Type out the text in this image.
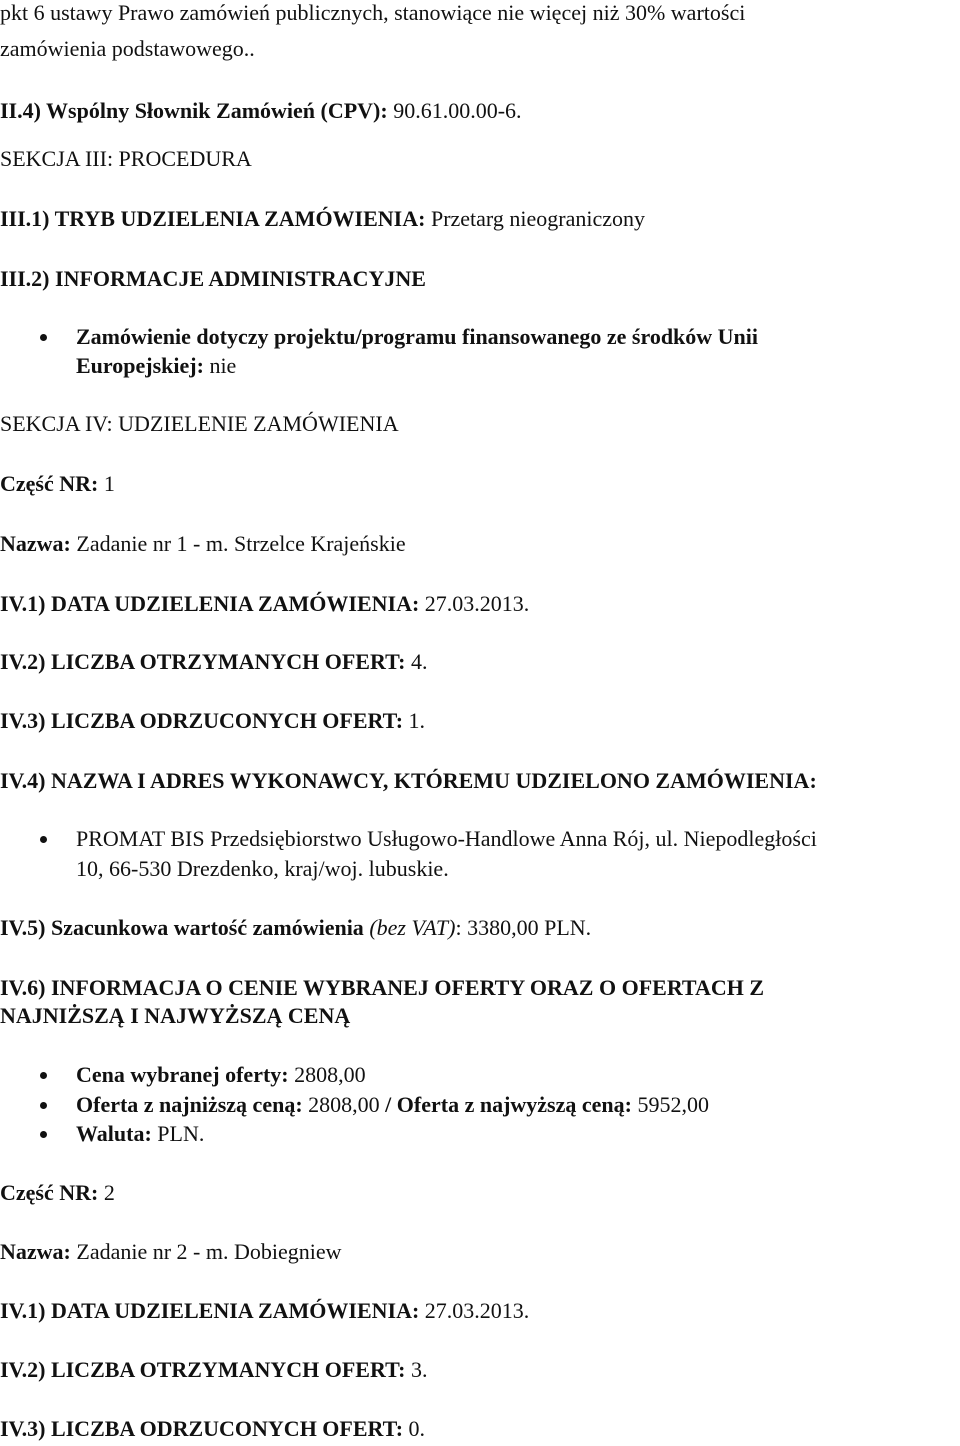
pkt 6 ustawy Prawo zamówień publicznych, stanowiące nie więcej niż 30% wartości
zamówienia podstawowego..
II.4) Wspólny Słownik Zamówień (CPV): 90.61.00.00-6.
SEKCJA III: PROCEDURA
III.1) TRYB UDZIELENIA ZAMÓWIENIA: Przetarg nieograniczony
III.2) INFORMACJE ADMINISTRACYJNE
Zamówienie dotyczy projektu/programu finansowanego ze środków Unii
Europejskiej: nie
SEKCJA IV: UDZIELENIE ZAMÓWIENIA
Część NR: 1
Nazwa: Zadanie nr 1 - m. Strzelce Krajeńskie
IV.1) DATA UDZIELENIA ZAMÓWIENIA: 27.03.2013.
IV.2) LICZBA OTRZYMANYCH OFERT: 4.
IV.3) LICZBA ODRZUCONYCH OFERT: 1.
IV.4) NAZWA I ADRES WYKONAWCY, KTÓREMU UDZIELONO ZAMÓWIENIA:
PROMAT BIS Przedsiębiorstwo Usługowo-Handlowe Anna Rój, ul. Niepodległości
10, 66-530 Drezdenko, kraj/woj. lubuskie.
IV.5) Szacunkowa wartość zamówienia (bez VAT): 3380,00 PLN.
IV.6) INFORMACJA O CENIE WYBRANEJ OFERTY ORAZ O OFERTACH Z
NAJNIŻSZĄ I NAJWYŻSZĄ CENĄ
Cena wybranej oferty: 2808,00
Oferta z najniższą ceną: 2808,00 / Oferta z najwyższą ceną: 5952,00
Waluta: PLN.
Część NR: 2
Nazwa: Zadanie nr 2 - m. Dobiegniew
IV.1) DATA UDZIELENIA ZAMÓWIENIA: 27.03.2013.
IV.2) LICZBA OTRZYMANYCH OFERT: 3.
IV.3) LICZBA ODRZUCONYCH OFERT: 0.
